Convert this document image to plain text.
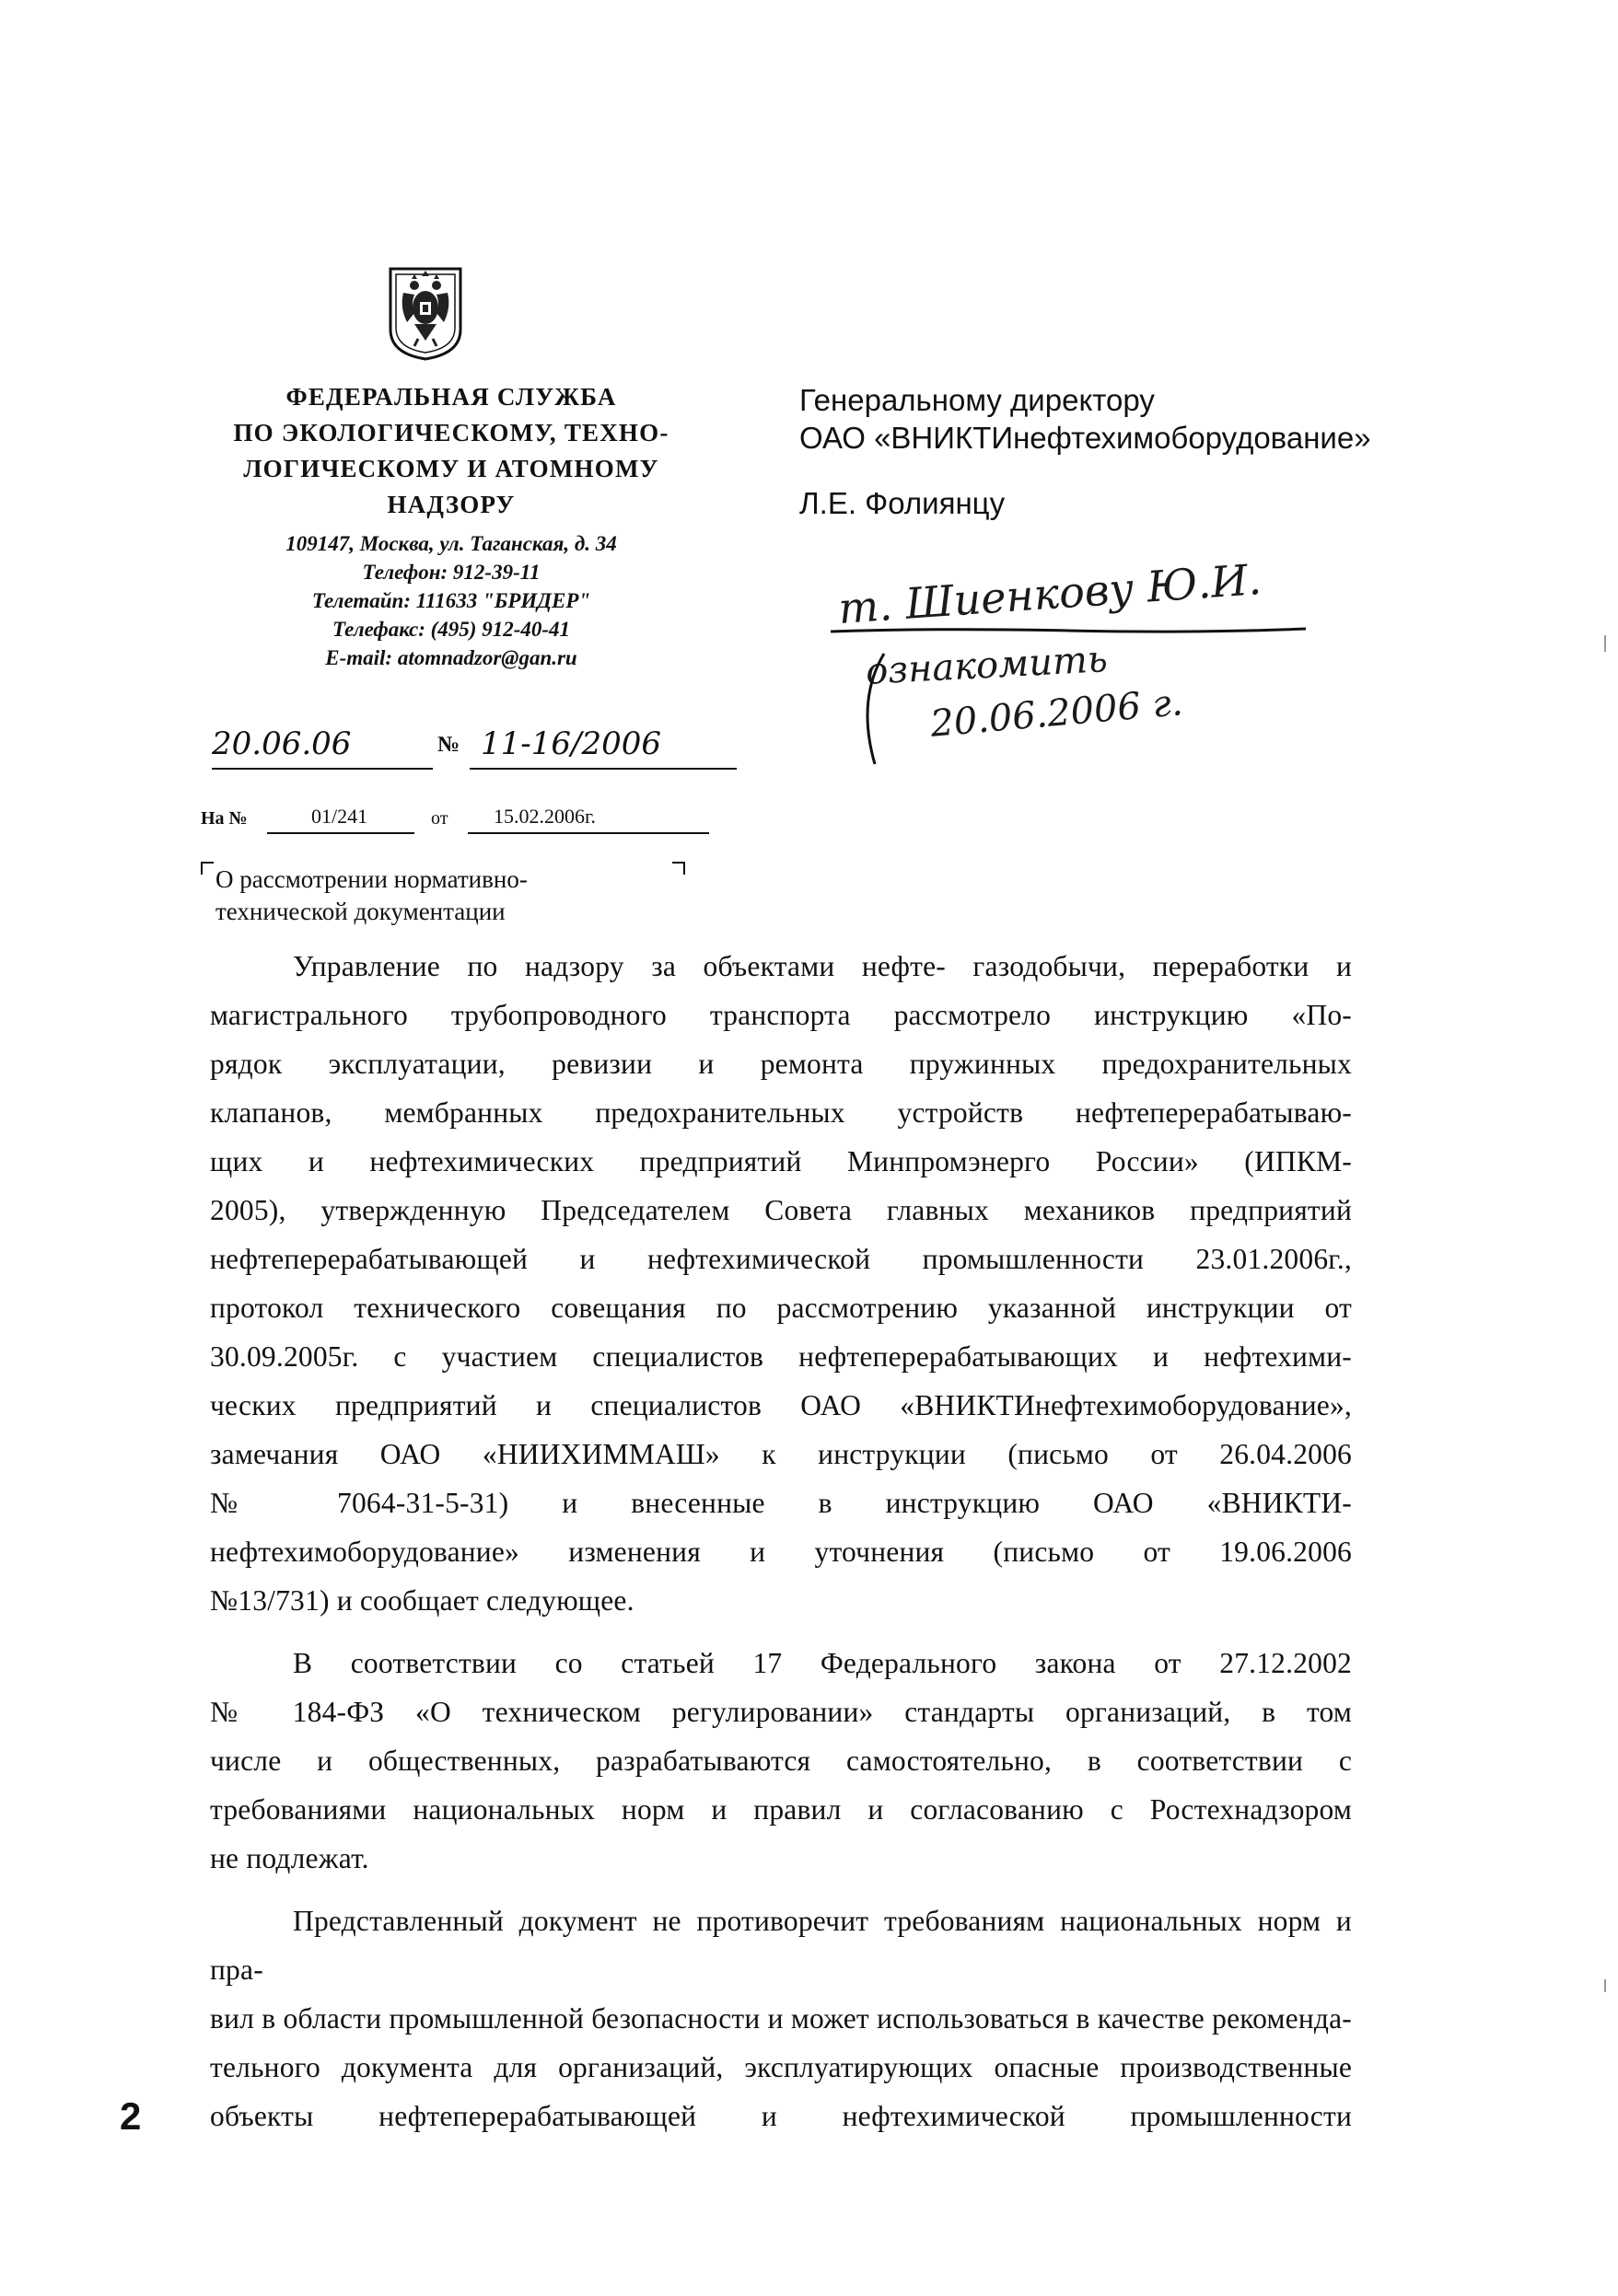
ФЕДЕРАЛЬНАЯ СЛУЖБА
ПО ЭКОЛОГИЧЕСКОМУ, ТЕХНО-
ЛОГИЧЕСКОМУ И АТОМНОМУ
НАДЗОРУ
109147, Москва, ул. Таганская, д. 34
Телефон: 912-39-11
Телетайп: 111633 "БРИДЕР"
Телефакс: (495) 912-40-41
E-mail: atomnadzor@gan.ru
Генеральному директору
ОАО «ВНИКТИнефтехимоборудование»
Л.Е. Фолиянцу
т. Шиенкову Ю.И.
ознакомить
20.06.2006 г.
20.06.06	№ 11-16/2006
На №	01/241	от 15.02.2006г.
О рассмотрении нормативно-
технической документации
Управление по надзору за объектами нефте- газодобычи, переработки и
магистрального трубопроводного транспорта рассмотрело инструкцию «По-
рядок эксплуатации, ревизии и ремонта пружинных предохранительных
клапанов, мембранных предохранительных устройств нефтеперерабатываю-
щих и нефтехимических предприятий Минпромэнерго России» (ИПКМ-
2005), утвержденную Председателем Совета главных механиков предприятий
нефтеперерабатывающей и нефтехимической промышленности 23.01.2006г.,
протокол технического совещания по рассмотрению указанной инструкции от
30.09.2005г. с участием специалистов нефтеперерабатывающих и нефтехими-
ческих предприятий и специалистов ОАО «ВНИКТИнефтехимоборудование»,
замечания ОАО «НИИХИММАШ» к инструкции (письмо от 26.04.2006
№ 7064-31-5-31) и внесенные в инструкцию ОАО «ВНИКТИ-
нефтехимоборудование» изменения и уточнения (письмо от 19.06.2006
№13/731) и сообщает следующее.
В соответствии со статьей 17 Федерального закона от 27.12.2002
№ 184-ФЗ «О техническом регулировании» стандарты организаций, в том
числе и общественных, разрабатываются самостоятельно, в соответствии с
требованиями национальных норм и правил и согласованию с Ростехнадзором
не подлежат.
Представленный документ не противоречит требованиям национальных норм и пра-
вил в области промышленной безопасности и может использоваться в качестве рекоменда-
тельного документа для организаций, эксплуатирующих опасные производственные
объекты нефтеперерабатывающей и нефтехимической промышленности
2
